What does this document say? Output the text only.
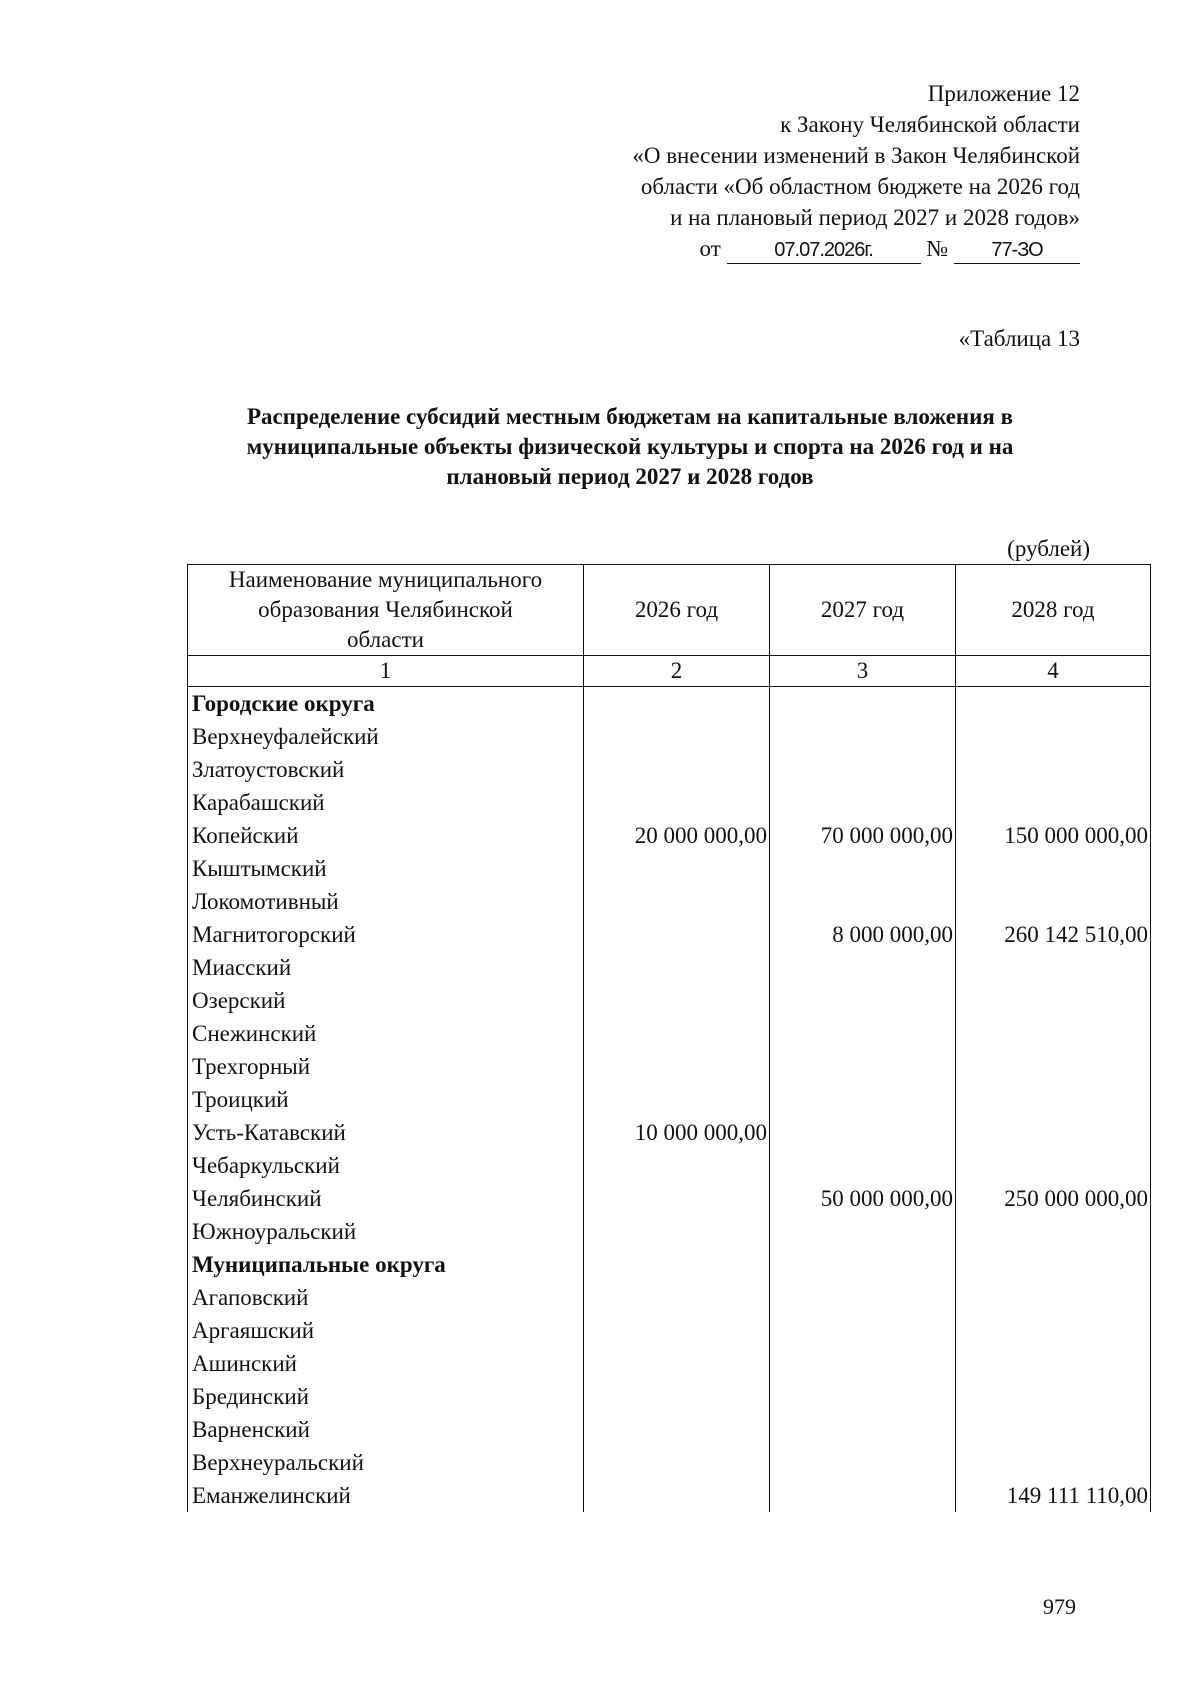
Приложение 12
к Закону Челябинской области
«О внесении изменений в Закон Челябинской
области «Об областном бюджете на 2026 год
и на плановый период 2027 и 2028 годов»
от	07.07.2026г. № 77-ЗО
«Таблица 13
Распределение субсидий местным бюджетам на капитальные вложения в
муниципальные объекты физической культуры и спорта на 2026 год и на
плановый период 2027 и 2028 годов
(рублей)
Наименование муниципального
образования Челябинской
области	2026 год	2027 год	2028 год
1	2	3	4
Городские округа			
Верхнеуфалейский			
Златоустовский			
Карабашский			
Копейский	20 000 000,00	70 000 000,00	150 000 000,00
Кыштымский			
Локомотивный			
Магнитогорский		8 000 000,00	260 142 510,00
Миасский			
Озерский			
Снежинский			
Трехгорный			
Троицкий			
Усть-Катавский	10 000 000,00		
Чебаркульский			
Челябинский		50 000 000,00	250 000 000,00
Южноуральский			
Муниципальные округа			
Агаповский			
Аргаяшский			
Ашинский			
Брединский			
Варненский			
Верхнеуральский			
Еманжелинский			149 111 110,00
979
